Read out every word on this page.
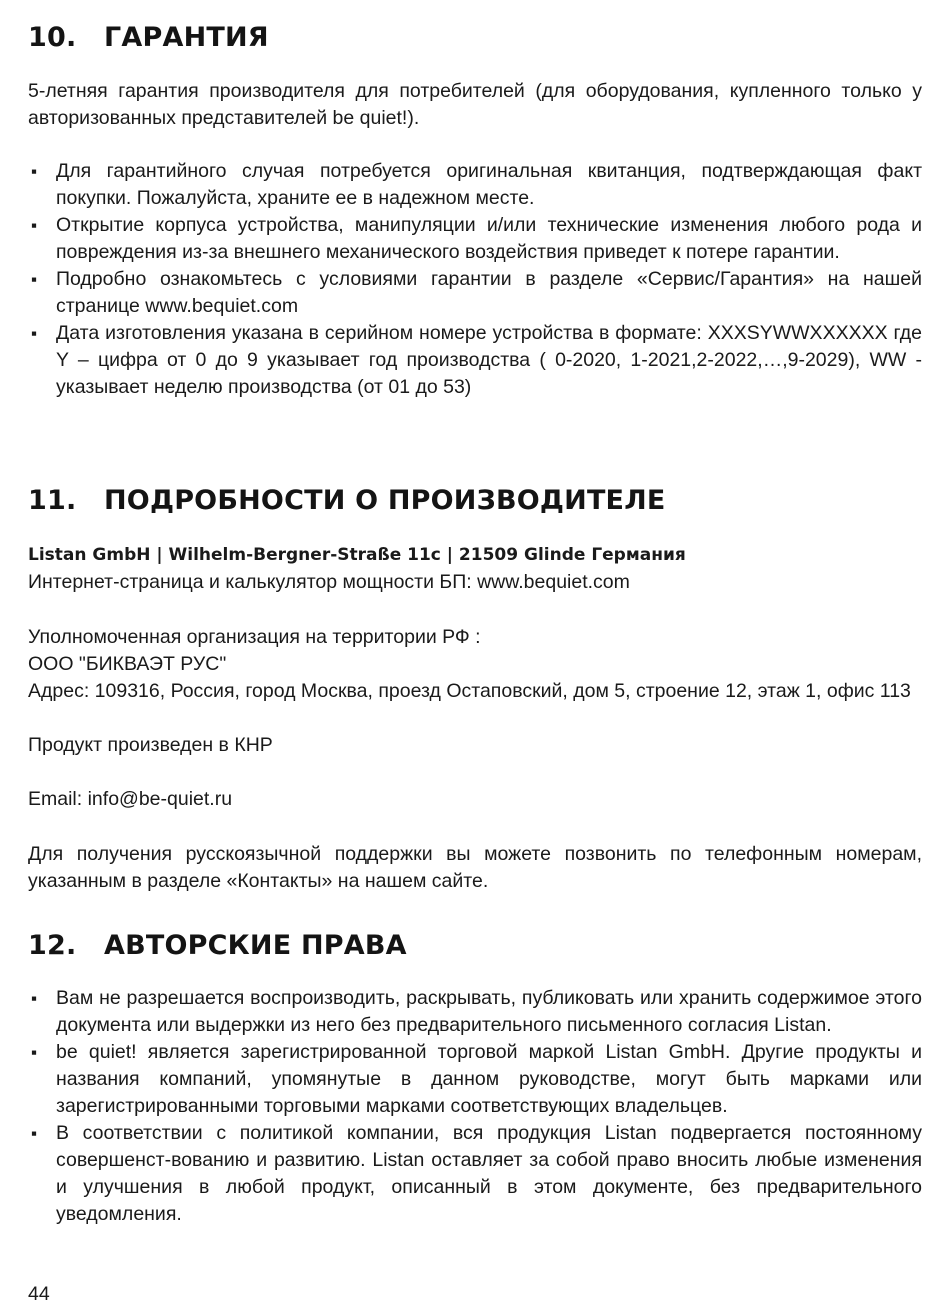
10.	ГАРАНТИЯ

5-летняя гарантия производителя для потребителей (для оборудования, купленного только у авторизованных представителей be quiet!).

▪ Для гарантийного случая потребуется оригинальная квитанция, подтверждающая факт покупки. Пожалуйста, храните ее в надежном месте.
▪ Открытие корпуса устройства, манипуляции и/или технические изменения любого рода и повреждения из-за внешнего механического воздействия приведет к потере гарантии.
▪ Подробно ознакомьтесь с условиями гарантии в разделе «Сервис/Гарантия» на нашей странице www.bequiet.com
▪ Дата изготовления указана в серийном номере устройства в формате: XXXSYWWXXXXXX где Y – цифра от 0 до 9 указывает год производства ( 0-2020, 1-2021,2-2022,…,9-2029), WW - указывает неделю производства (от 01 до 53)
11.	ПОДРОБНОСТИ О ПРОИЗВОДИТЕЛЕ

Listan GmbH | Wilhelm-Bergner-Straße 11c | 21509 Glinde Германия

Интернет-страница и калькулятор мощности БП: www.bequiet.com

Уполномоченная организация на территории РФ :

ООО "БИКВАЭТ РУС"

Адрес: 109316, Россия, город Москва, проезд Остаповский, дом 5, строение 12, этаж 1, офис 113

Продукт произведен в КНР

Email: info@be-quiet.ru

Для получения русскоязычной поддержки вы можете позвонить по телефонным номерам, указанным в разделе «Контакты» на нашем сайте.

12.	АВТОРСКИЕ ПРАВА
▪ Вам не разрешается воспроизводить, раскрывать, публиковать или хранить содержимое этого документа или выдержки из него без предварительного письменного согласия Listan.
▪ be quiet! является зарегистрированной торговой маркой Listan GmbH. Другие продукты и названия компаний, упомянутые в данном руководстве, могут быть марками или зарегистрированными торговыми марками соответствующих владельцев.
▪ В соответствии с политикой компании, вся продукция Listan подвергается постоянному совершенст-вованию и развитию. Listan оставляет за собой право вносить любые изменения и улучшения в любой продукт, описанный в этом документе, без предварительного уведомления.
44
